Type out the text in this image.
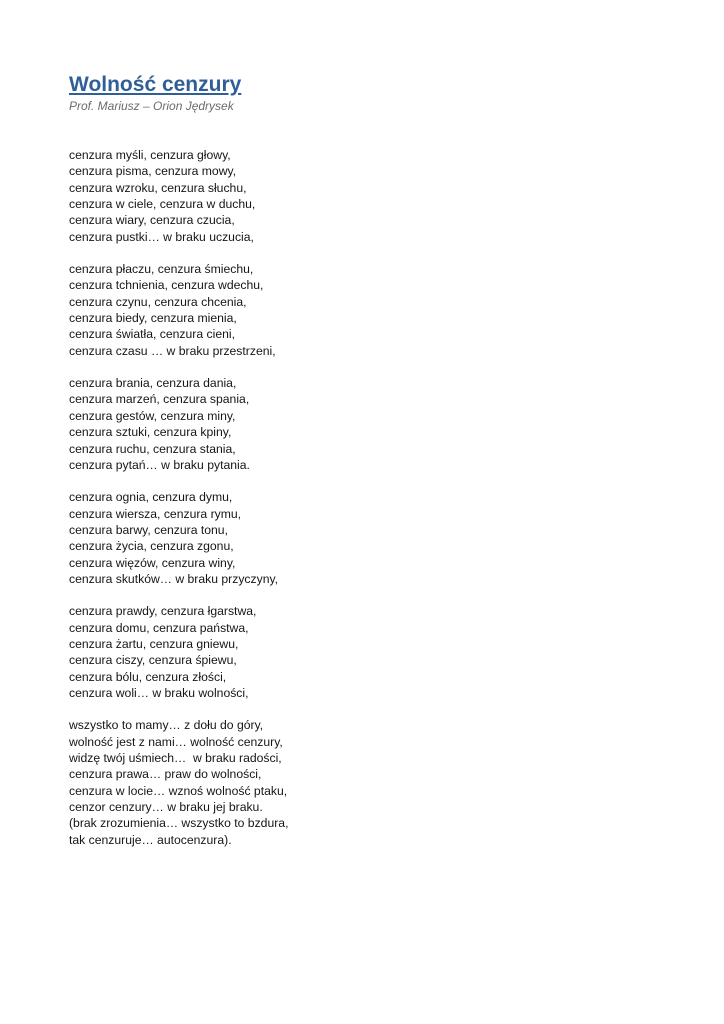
Wolność cenzury
Prof. Mariusz – Orion Jędrysek
cenzura myśli, cenzura głowy,
cenzura pisma, cenzura mowy,
cenzura wzroku, cenzura słuchu,
cenzura w ciele, cenzura w duchu,
cenzura wiary, cenzura czucia,
cenzura pustki… w braku uczucia,
cenzura płaczu, cenzura śmiechu,
cenzura tchnienia, cenzura wdechu,
cenzura czynu, cenzura chcenia,
cenzura biedy, cenzura mienia,
cenzura światła, cenzura cieni,
cenzura czasu … w braku przestrzeni,
cenzura brania, cenzura dania,
cenzura marzeń, cenzura spania,
cenzura gestów, cenzura miny,
cenzura sztuki, cenzura kpiny,
cenzura ruchu, cenzura stania,
cenzura pytań… w braku pytania.
cenzura ognia, cenzura dymu,
cenzura wiersza, cenzura rymu,
cenzura barwy, cenzura tonu,
cenzura życia, cenzura zgonu,
cenzura więzów, cenzura winy,
cenzura skutków… w braku przyczyny,
cenzura prawdy, cenzura łgarstwa,
cenzura domu, cenzura państwa,
cenzura żartu, cenzura gniewu,
cenzura ciszy, cenzura śpiewu,
cenzura bólu, cenzura złości,
cenzura woli… w braku wolności,
wszystko to mamy… z dołu do góry,
wolność jest z nami… wolność cenzury,
widzę twój uśmiech…  w braku radości,
cenzura prawa… praw do wolności,
cenzura w locie… wznoś wolność ptaku,
cenzor cenzury… w braku jej braku.
(brak zrozumienia… wszystko to bzdura,
tak cenzuruje… autocenzura).
